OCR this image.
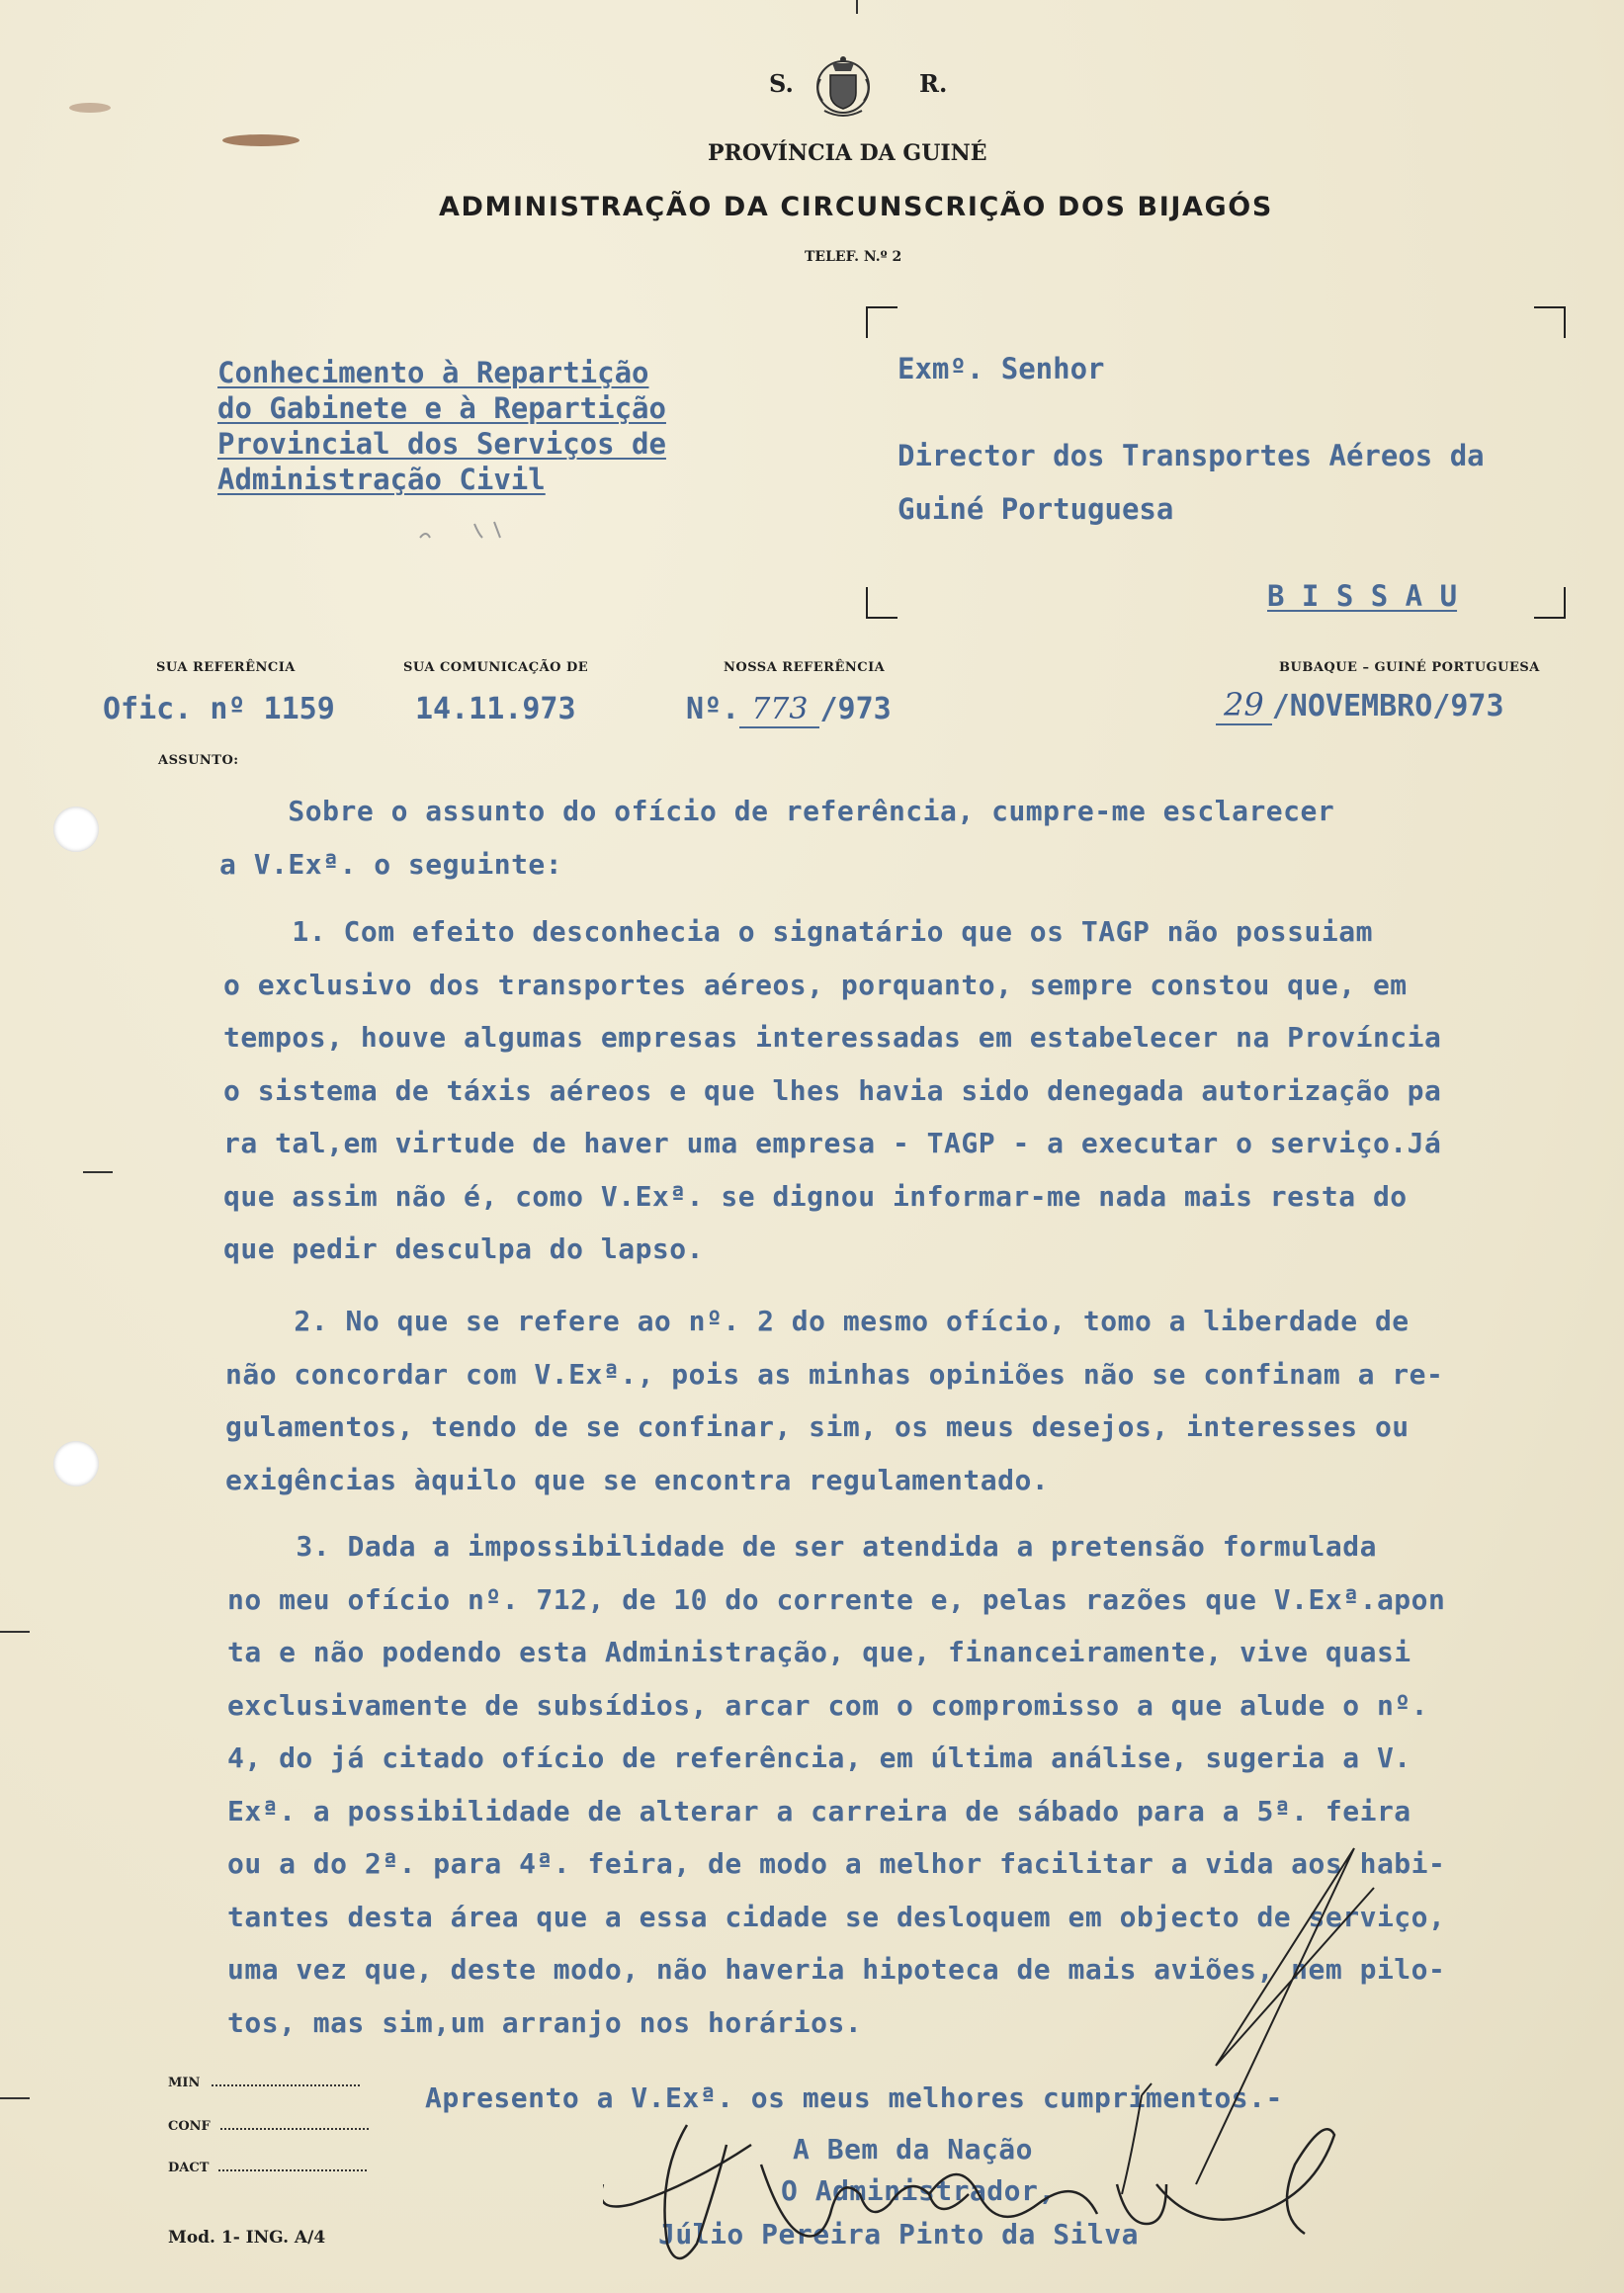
S.	R.
PROVÍNCIA DA GUINÉ
ADMINISTRAÇÃO DA CIRCUNSCRIÇÃO DOS BIJAGÓS
TELEF. N.º 2
Conhecimento à Repartição
do Gabinete e à Repartição
Provincial dos Serviços de
Administração Civil
Exmº. Senhor
Director dos Transportes Aéreos da
Guiné Portuguesa
B I S S A U
SUA REFERÊNCIA	SUA COMUNICAÇÃO DE	NOSSA REFERÊNCIA	BUBAQUE – GUINÉ PORTUGUESA
Ofic. nº 1159	14.11.973	Nº. 773 /973	29 /NOVEMBRO/973
ASSUNTO:
Sobre o assunto do ofício de referência, cumpre-me esclarecer
a V.Exª. o seguinte:
1. Com efeito desconhecia o signatário que os TAGP não possuiam
o exclusivo dos transportes aéreos, porquanto, sempre constou que, em
tempos, houve algumas empresas interessadas em estabelecer na Província
o sistema de táxis aéreos e que lhes havia sido denegada autorização pa
ra tal,em virtude de haver uma empresa - TAGP - a executar o serviço.Já
que assim não é, como V.Exª. se dignou informar-me nada mais resta do
que pedir desculpa do lapso.
2. No que se refere ao nº. 2 do mesmo ofício, tomo a liberdade de
não concordar com V.Exª., pois as minhas opiniões não se confinam a re-
gulamentos, tendo de se confinar, sim, os meus desejos, interesses ou
exigências àquilo que se encontra regulamentado.
3. Dada a impossibilidade de ser atendida a pretensão formulada
no meu ofício nº. 712, de 10 do corrente e, pelas razões que V.Exª.apon
ta e não podendo esta Administração, que, financeiramente, vive quasi
exclusivamente de subsídios, arcar com o compromisso a que alude o nº.
4, do já citado ofício de referência, em última análise, sugeria a V.
Exª. a possibilidade de alterar a carreira de sábado para a 5ª. feira
ou a do 2ª. para 4ª. feira, de modo a melhor facilitar a vida aos habi-
tantes desta área que a essa cidade se desloquem em objecto de serviço,
uma vez que, deste modo, não haveria hipoteca de mais aviões, nem pilo-
tos, mas sim,um arranjo nos horários.
Apresento a V.Exª. os meus melhores cumprimentos.-
A Bem da Nação
O Administrador,
Júlio Pereira Pinto da Silva
MIN
CONF
DACT
Mod. 1- ING. A/4
